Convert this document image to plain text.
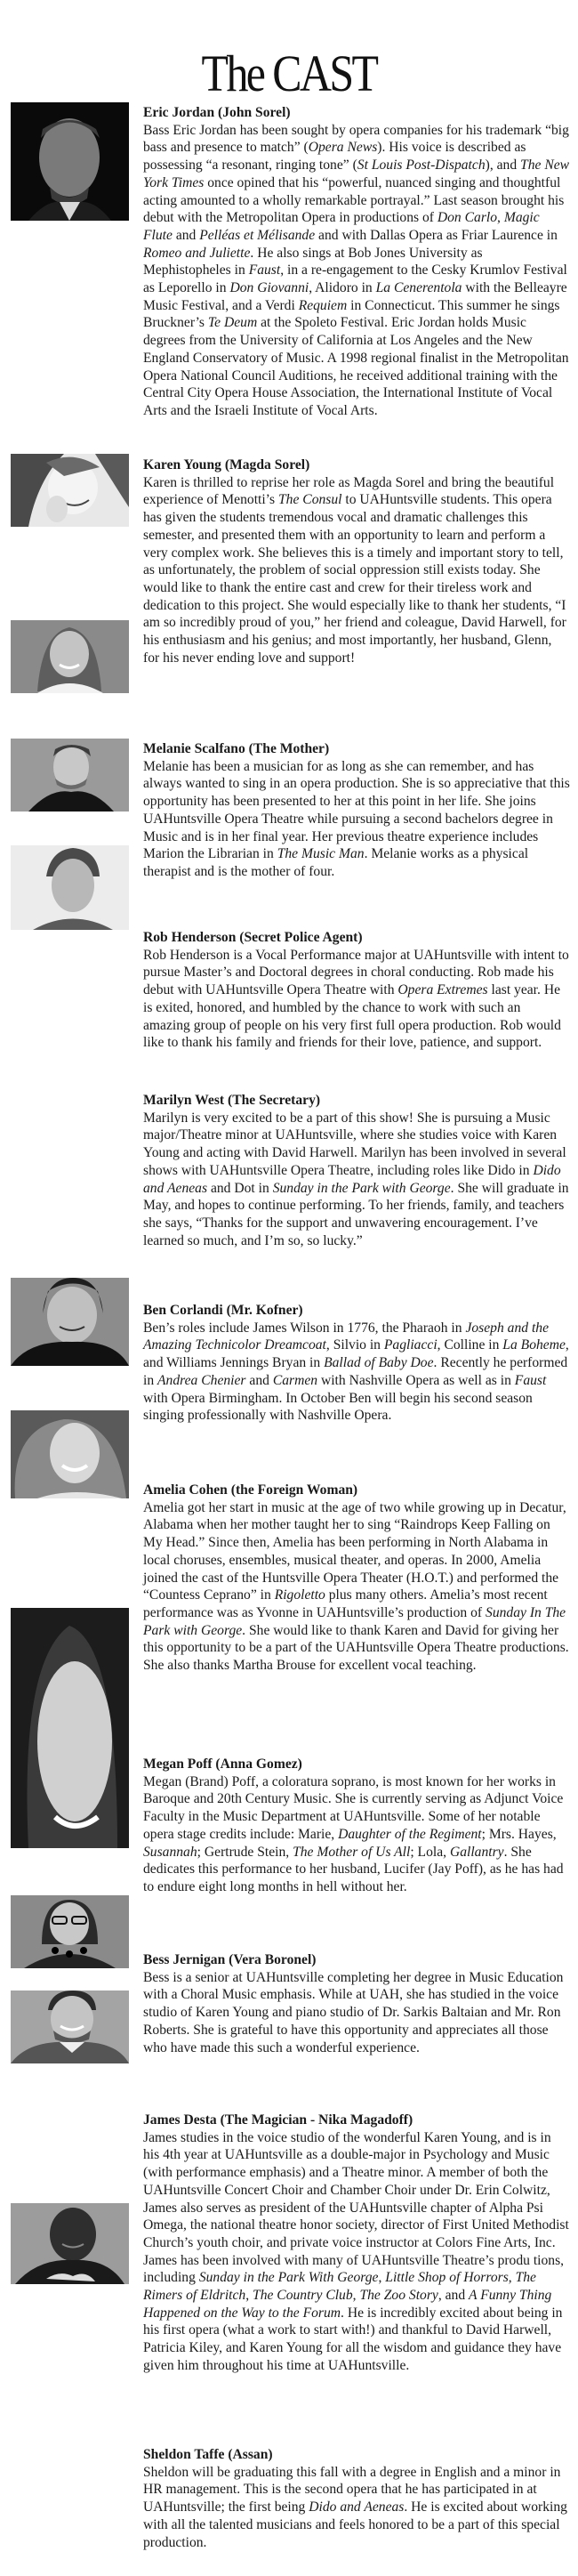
The CAST
Eric Jordan (John Sorel)
Bass Eric Jordan has been sought by opera companies for his trademark “big bass and presence to match” (Opera News). His voice is described as possessing “a resonant, ringing tone” (St Louis Post-Dispatch), and The New York Times once opined that his “powerful, nuanced singing and thoughtful acting amounted to a wholly remarkable portrayal.” Last season brought his debut with the Metropolitan Opera in productions of Don Carlo, Magic Flute and Pelléas et Mélisande and with Dallas Opera as Friar Laurence in Romeo and Juliette. He also sings at Bob Jones University as Mephistopheles in Faust, in a re-engagement to the Cesky Krumlov Festival as Leporello in Don Giovanni, Alidoro in La Cenerentola with the Belleayre Music Festival, and a Verdi Requiem in Connecticut. This summer he sings Bruckner’s Te Deum at the Spoleto Festival. Eric Jordan holds Music degrees from the University of California at Los Angeles and the New England Conservatory of Music. A 1998 regional finalist in the Metropolitan Opera National Council Auditions, he received additional training with the Central City Opera House Association, the International Institute of Vocal Arts and the Israeli Institute of Vocal Arts.
Karen Young (Magda Sorel)
Karen is thrilled to reprise her role as Magda Sorel and bring the beautiful experience of Menotti’s The Consul to UAHuntsville students. This opera has given the students tremendous vocal and dramatic challenges this semester, and presented them with an opportunity to learn and perform a very complex work. She believes this is a timely and important story to tell, as unfortunately, the problem of social oppression still exists today. She would like to thank the entire cast and crew for their tireless work and dedication to this project. She would especially like to thank her students, “I am so incredibly proud of you,” her friend and coleague, David Harwell, for his enthusiasm and his genius; and most importantly, her husband, Glenn, for his never ending love and support!
Melanie Scalfano (The Mother)
Melanie has been a musician for as long as she can remember, and has always wanted to sing in an opera production. She is so appreciative that this opportunity has been presented to her at this point in her life. She joins UAHuntsville Opera Theatre while pursuing a second bachelors degree in Music and is in her final year. Her previous theatre experience includes Marion the Librarian in The Music Man. Melanie works as a physical therapist and is the mother of four.
Rob Henderson (Secret Police Agent)
Rob Henderson is a Vocal Performance major at UAHuntsville with intent to pursue Master’s and Doctoral degrees in choral conducting. Rob made his debut with UAHuntsville Opera Theatre with Opera Extremes last year. He is exited, honored, and humbled by the chance to work with such an amazing group of people on his very first full opera production. Rob would like to thank his family and friends for their love, patience, and support.
Marilyn West (The Secretary)
Marilyn is very excited to be a part of this show! She is pursuing a Music major/Theatre minor at UAHuntsville, where she studies voice with Karen Young and acting with David Harwell. Marilyn has been involved in several shows with UAHuntsville Opera Theatre, including roles like Dido in Dido and Aeneas and Dot in Sunday in the Park with George. She will graduate in May, and hopes to continue performing. To her friends, family, and teachers she says, “Thanks for the support and unwavering encouragement. I’ve learned so much, and I’m so, so lucky.”
Ben Corlandi (Mr. Kofner)
Ben’s roles include James Wilson in 1776, the Pharaoh in Joseph and the Amazing Technicolor Dreamcoat, Silvio in Pagliacci, Colline in La Boheme, and Williams Jennings Bryan in Ballad of Baby Doe. Recently he performed in Andrea Chenier and Carmen with Nashville Opera as well as in Faust with Opera Birmingham. In October Ben will begin his second season singing professionally with Nashville Opera.
Amelia Cohen (the Foreign Woman)
Amelia got her start in music at the age of two while growing up in Decatur, Alabama when her mother taught her to sing “Raindrops Keep Falling on My Head.” Since then, Amelia has been performing in North Alabama in local choruses, ensembles, musical theater, and operas. In 2000, Amelia joined the cast of the Huntsville Opera Theater (H.O.T.) and performed the “Countess Ceprano” in Rigoletto plus many others. Amelia’s most recent performance was as Yvonne in UAHuntsville’s production of Sunday In The Park with George. She would like to thank Karen and David for giving her this opportunity to be a part of the UAHuntsville Opera Theatre productions. She also thanks Martha Brouse for excellent vocal teaching.
Megan Poff (Anna Gomez)
Megan (Brand) Poff, a coloratura soprano, is most known for her works in Baroque and 20th Century Music. She is currently serving as Adjunct Voice Faculty in the Music Department at UAHuntsville. Some of her notable opera stage credits include: Marie, Daughter of the Regiment; Mrs. Hayes, Susannah; Gertrude Stein, The Mother of Us All; Lola, Gallantry. She dedicates this performance to her husband, Lucifer (Jay Poff), as he has had to endure eight long months in hell without her.
Bess Jernigan (Vera Boronel)
Bess is a senior at UAHuntsville completing her degree in Music Education with a Choral Music emphasis. While at UAH, she has studied in the voice studio of Karen Young and piano studio of Dr. Sarkis Baltaian and Mr. Ron Roberts. She is grateful to have this opportunity and appreciates all those who have made this such a wonderful experience.
James Desta (The Magician - Nika Magadoff)
James studies in the voice studio of the wonderful Karen Young, and is in his 4th year at UAHuntsville as a double-major in Psychology and Music (with performance emphasis) and a Theatre minor. A member of both the UAHuntsville Concert Choir and Chamber Choir under Dr. Erin Colwitz, James also serves as president of the UAHuntsville chapter of Alpha Psi Omega, the national theatre honor society, director of First United Methodist Church’s youth choir, and private voice instructor at Colors Fine Arts, Inc. James has been involved with many of UAHuntsville Theatre’s produ tions, including Sunday in the Park With George, Little Shop of Horrors, The Rimers of Eldritch, The Country Club, The Zoo Story, and A Funny Thing Happened on the Way to the Forum. He is incredibly excited about being in his first opera (what a work to start with!) and thankful to David Harwell, Patricia Kiley, and Karen Young for all the wisdom and guidance they have given him throughout his time at UAHuntsville.
Sheldon Taffe (Assan)
Sheldon will be graduating this fall with a degree in English and a minor in HR management. This is the second opera that he has participated in at UAHuntsville; the first being Dido and Aeneas. He is excited about working with all the talented musicians and feels honored to be a part of this special production.
